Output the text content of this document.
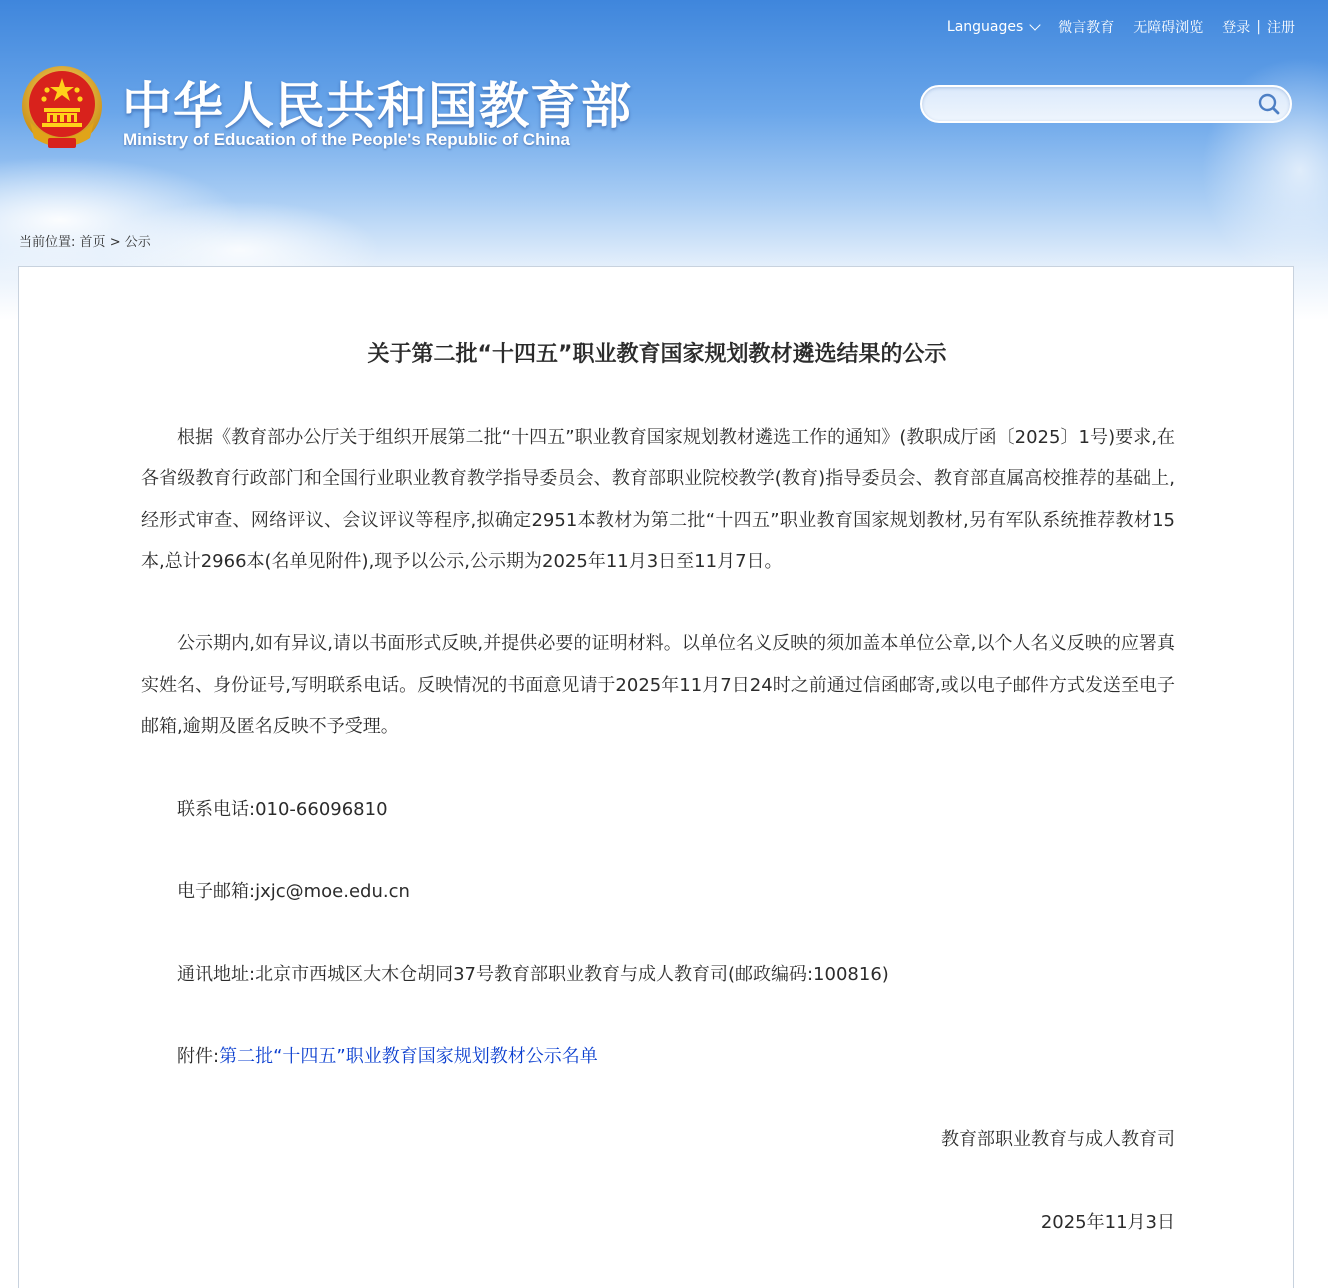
Languages	微言教育 无障碍浏览 登录 | 注册
中华人民共和国教育部
Ministry of Education of the People's Republic of China
当前位置: 首页 > 公示
关于第二批“十四五”职业教育国家规划教材遴选结果的公示

根据《教育部办公厅关于组织开展第二批“十四五”职业教育国家规划教材遴选工作的通知》(教职成厅函〔2025〕1号)要求,在各省级教育行政部门和全国行业职业教育教学指导委员会、教育部职业院校教学(教育)指导委员会、教育部直属高校推荐的基础上,经形式审查、网络评议、会议评议等程序,拟确定2951本教材为第二批“十四五”职业教育国家规划教材,另有军队系统推荐教材15本,总计2966本(名单见附件),现予以公示,公示期为2025年11月3日至11月7日。

公示期内,如有异议,请以书面形式反映,并提供必要的证明材料。以单位名义反映的须加盖本单位公章,以个人名义反映的应署真实姓名、身份证号,写明联系电话。反映情况的书面意见请于2025年11月7日24时之前通过信函邮寄,或以电子邮件方式发送至电子邮箱,逾期及匿名反映不予受理。

联系电话:010-66096810

电子邮箱:jxjc@moe.edu.cn

通讯地址:北京市西城区大木仓胡同37号教育部职业教育与成人教育司(邮政编码:100816)

附件:第二批“十四五”职业教育国家规划教材公示名单

教育部职业教育与成人教育司

2025年11月3日
